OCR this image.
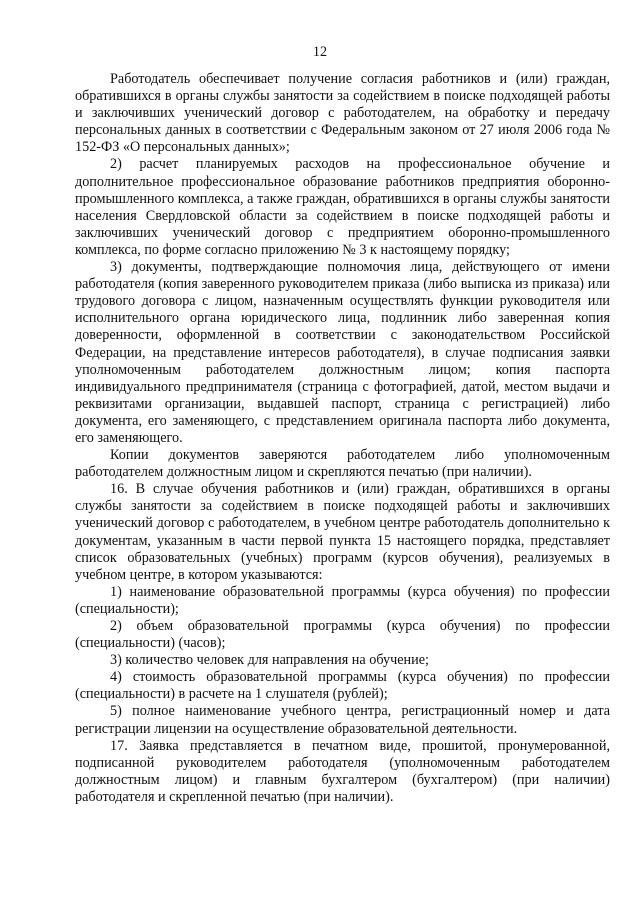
12

Работодатель обеспечивает получение согласия работников и (или) граждан, обратившихся в органы службы занятости за содействием в поиске подходящей работы и заключивших ученический договор с работодателем, на обработку и передачу персональных данных в соответствии с Федеральным законом от 27 июля 2006 года № 152-ФЗ «О персональных данных»;

2) расчет планируемых расходов на профессиональное обучение и дополнительное профессиональное образование работников предприятия оборонно-промышленного комплекса, а также граждан, обратившихся в органы службы занятости населения Свердловской области за содействием в поиске подходящей работы и заключивших ученический договор с предприятием оборонно-промышленного комплекса, по форме согласно приложению № 3 к настоящему порядку;

3) документы, подтверждающие полномочия лица, действующего от имени работодателя (копия заверенного руководителем приказа (либо выписка из приказа) или трудового договора с лицом, назначенным осуществлять функции руководителя или исполнительного органа юридического лица, подлинник либо заверенная копия доверенности, оформленной в соответствии с законодательством Российской Федерации, на представление интересов работодателя), в случае подписания заявки уполномоченным работодателем должностным лицом; копия паспорта индивидуального предпринимателя (страница с фотографией, датой, местом выдачи и реквизитами организации, выдавшей паспорт, страница с регистрацией) либо документа, его заменяющего, с представлением оригинала паспорта либо документа, его заменяющего.

Копии документов заверяются работодателем либо уполномоченным работодателем должностным лицом и скрепляются печатью (при наличии).

16. В случае обучения работников и (или) граждан, обратившихся в органы службы занятости за содействием в поиске подходящей работы и заключивших ученический договор с работодателем, в учебном центре работодатель дополнительно к документам, указанным в части первой пункта 15 настоящего порядка, представляет список образовательных (учебных) программ (курсов обучения), реализуемых в учебном центре, в котором указываются:

1) наименование образовательной программы (курса обучения) по профессии (специальности);

2) объем образовательной программы (курса обучения) по профессии (специальности) (часов);

3) количество человек для направления на обучение;

4) стоимость образовательной программы (курса обучения) по профессии (специальности) в расчете на 1 слушателя (рублей);

5) полное наименование учебного центра, регистрационный номер и дата регистрации лицензии на осуществление образовательной деятельности.

17. Заявка представляется в печатном виде, прошитой, пронумерованной, подписанной руководителем работодателя (уполномоченным работодателем должностным лицом) и главным бухгалтером (бухгалтером) (при наличии) работодателя и скрепленной печатью (при наличии).
